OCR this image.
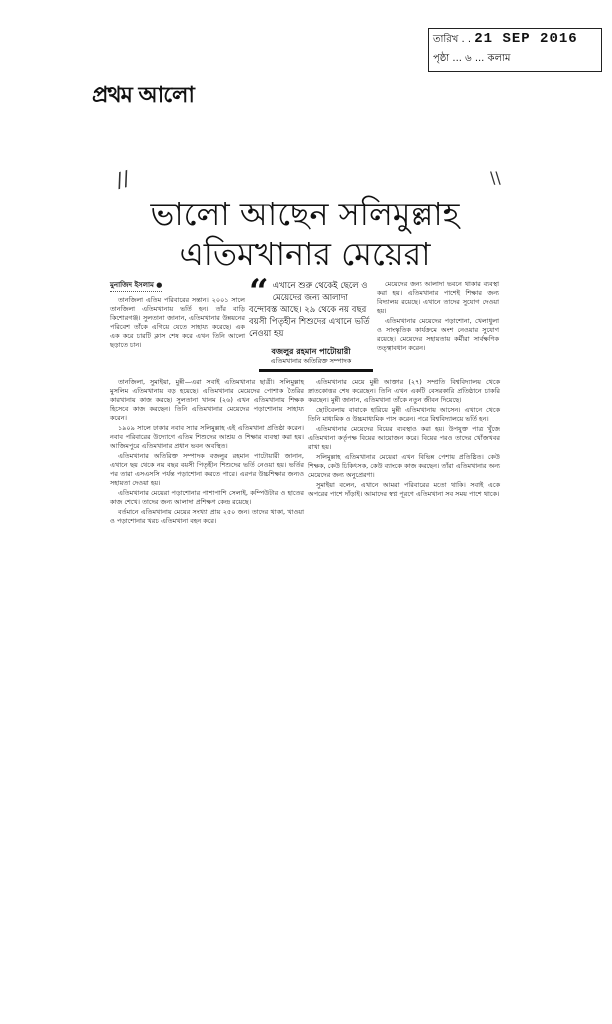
তারিখ . . 21 SEP 2016
পৃষ্ঠা ... ৬ ... কলাম
প্রথম আলো
//	\\
ভালো আছেন সলিমুল্লাহ
এতিমখানার মেয়েরা
মুনাজিদ ইসলাম ●

তানজিলা এতিম পরিবারের সন্তান। ২০০১ সালে তানজিলা এতিমখানায় ভর্তি হন। তাঁর বাড়ি কিশোরগঞ্জ। সুলতানা জানান, এতিমখানার উন্নয়নের পরিবেশ তাঁকে এগিয়ে যেতে সাহায্য করেছে। এক এক করে চারটি ক্লাস শেষ করে এখন তিনি আলো ছড়াতে চান।

“ এখানে শুরু থেকেই ছেলে ও মেয়েদের জন্য আলাদা বন্দোবস্ত আছে। ২৯ থেকে নয় বছর বয়সী পিতৃহীন শিশুদের এখানে ভর্তি নেওয়া হয়
বজলুর রহমান পাটোয়ারী
এতিমখানার অতিরিক্ত সম্পাদক

মেয়েদের জন্য আলাদা ভবনে থাকার ব্যবস্থা করা হয়। এতিমখানার পাশেই শিক্ষার জন্য বিদ্যালয় রয়েছে। এখানে তাদের সুযোগ দেওয়া হয়।

এতিমখানার মেয়েদের পড়াশোনা, খেলাধুলা ও সাংস্কৃতিক কার্যক্রমে অংশ নেওয়ার সুযোগ রয়েছে। মেয়েদের সহায়তায় কর্মীরা সার্বক্ষণিক তত্ত্বাবধান করেন।

তানজিলা, সুমাইয়া, মুন্নী—এরা সবাই এতিমখানার ছাত্রী। সলিমুল্লাহ মুসলিম এতিমখানায় বড় হয়েছে। এতিমখানার মেয়েদের পোশাক তৈরির কারখানায় কাজ করছে। সুলতানা খানম (২৬) এখন এতিমখানায় শিক্ষক হিসেবে কাজ করছেন। তিনি এতিমখানার মেয়েদের পড়াশোনায় সাহায্য করেন।

১৯০৯ সালে ঢাকার নবাব স্যার সলিমুল্লাহ এই এতিমখানা প্রতিষ্ঠা করেন। নবাব পরিবারের উদ্যোগে এতিম শিশুদের আশ্রয় ও শিক্ষার ব্যবস্থা করা হয়। আজিমপুরে এতিমখানার প্রধান ভবন অবস্থিত।

এতিমখানার অতিরিক্ত সম্পাদক বজলুর রহমান পাটোয়ারী জানান, এখানে ছয় থেকে নয় বছর বয়সী পিতৃহীন শিশুদের ভর্তি নেওয়া হয়। ভর্তির পর তারা এসএসসি পর্যন্ত পড়াশোনা করতে পারে। এরপর উচ্চশিক্ষার জন্যও সহায়তা দেওয়া হয়।

এতিমখানার মেয়েরা পড়াশোনার পাশাপাশি সেলাই, কম্পিউটার ও হাতের কাজ শেখে। তাদের জন্য আলাদা প্রশিক্ষণ কেন্দ্র রয়েছে।

বর্তমানে এতিমখানায় মেয়ের সংখ্যা প্রায় ২৫০ জন। তাদের থাকা, খাওয়া ও পড়াশোনার খরচ এতিমখানা বহন করে।

এতিমখানার মেয়ে মুন্নী আক্তার (২৭) সম্প্রতি বিশ্ববিদ্যালয় থেকে স্নাতকোত্তর শেষ করেছেন। তিনি এখন একটি বেসরকারি প্রতিষ্ঠানে চাকরি করছেন। মুন্নী জানান, এতিমখানা তাঁকে নতুন জীবন দিয়েছে।

ছোটবেলায় বাবাকে হারিয়ে মুন্নী এতিমখানায় আসেন। এখানে থেকে তিনি মাধ্যমিক ও উচ্চমাধ্যমিক পাস করেন। পরে বিশ্ববিদ্যালয়ে ভর্তি হন।

এতিমখানার মেয়েদের বিয়ের ব্যবস্থাও করা হয়। উপযুক্ত পাত্র খুঁজে এতিমখানা কর্তৃপক্ষ বিয়ের আয়োজন করে। বিয়ের পরও তাদের খোঁজখবর রাখা হয়।

সলিমুল্লাহ এতিমখানার মেয়েরা এখন বিভিন্ন পেশায় প্রতিষ্ঠিত। কেউ শিক্ষক, কেউ চিকিৎসক, কেউ ব্যাংকে কাজ করছেন। তাঁরা এতিমখানার অন্য মেয়েদের জন্য অনুপ্রেরণা।

সুমাইয়া বলেন, এখানে আমরা পরিবারের মতো থাকি। সবাই একে অপরের পাশে দাঁড়াই। আমাদের স্বপ্ন পূরণে এতিমখানা সব সময় পাশে থাকে।
